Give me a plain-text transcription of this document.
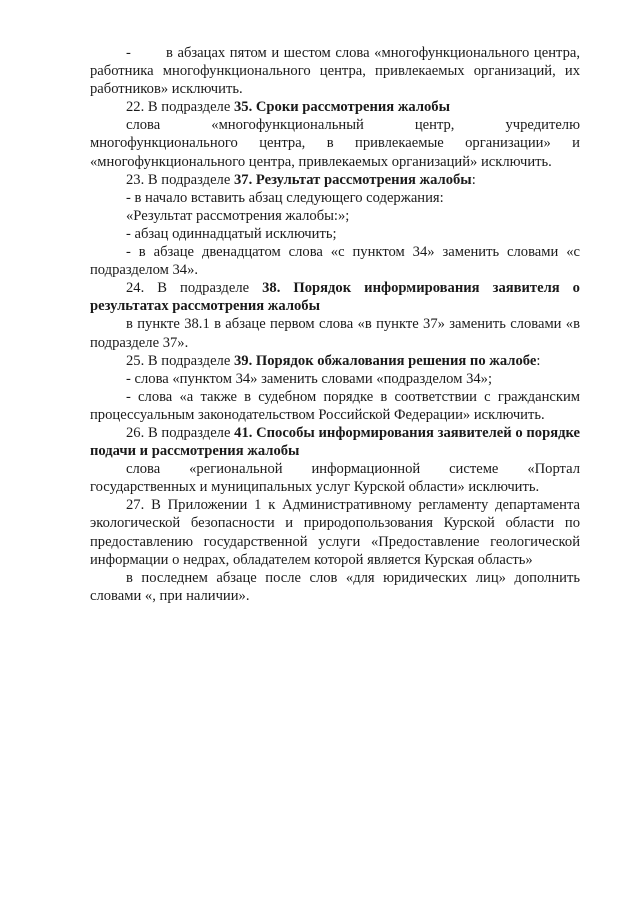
- в абзацах пятом и шестом слова «многофункционального центра, работника многофункционального центра, привлекаемых организаций, их работников» исключить.

22. В подразделе 35. Сроки рассмотрения жалобы

слова «многофункциональный центр, учредителю многофункционального центра, в привлекаемые организации» и «многофункционального центра, привлекаемых организаций» исключить.

23. В подразделе 37. Результат рассмотрения жалобы:

- в начало вставить абзац следующего содержания:

«Результат рассмотрения жалобы:»;

- абзац одиннадцатый исключить;

- в абзаце двенадцатом слова «с пунктом 34» заменить словами «с подразделом 34».

24. В подразделе 38. Порядок информирования заявителя о результатах рассмотрения жалобы

в пункте 38.1 в абзаце первом слова «в пункте 37» заменить словами «в подразделе 37».

25. В подразделе 39. Порядок обжалования решения по жалобе:

- слова «пунктом 34» заменить словами «подразделом 34»;

- слова «а также в судебном порядке в соответствии с гражданским процессуальным законодательством Российской Федерации» исключить.

26. В подразделе 41. Способы информирования заявителей о порядке подачи и рассмотрения жалобы

слова «региональной информационной системе «Портал государственных и муниципальных услуг Курской области» исключить.

27. В Приложении 1 к Административному регламенту департамента экологической безопасности и природопользования Курской области по предоставлению государственной услуги «Предоставление геологической информации о недрах, обладателем которой является Курская область»

в последнем абзаце после слов «для юридических лиц» дополнить словами «, при наличии».
